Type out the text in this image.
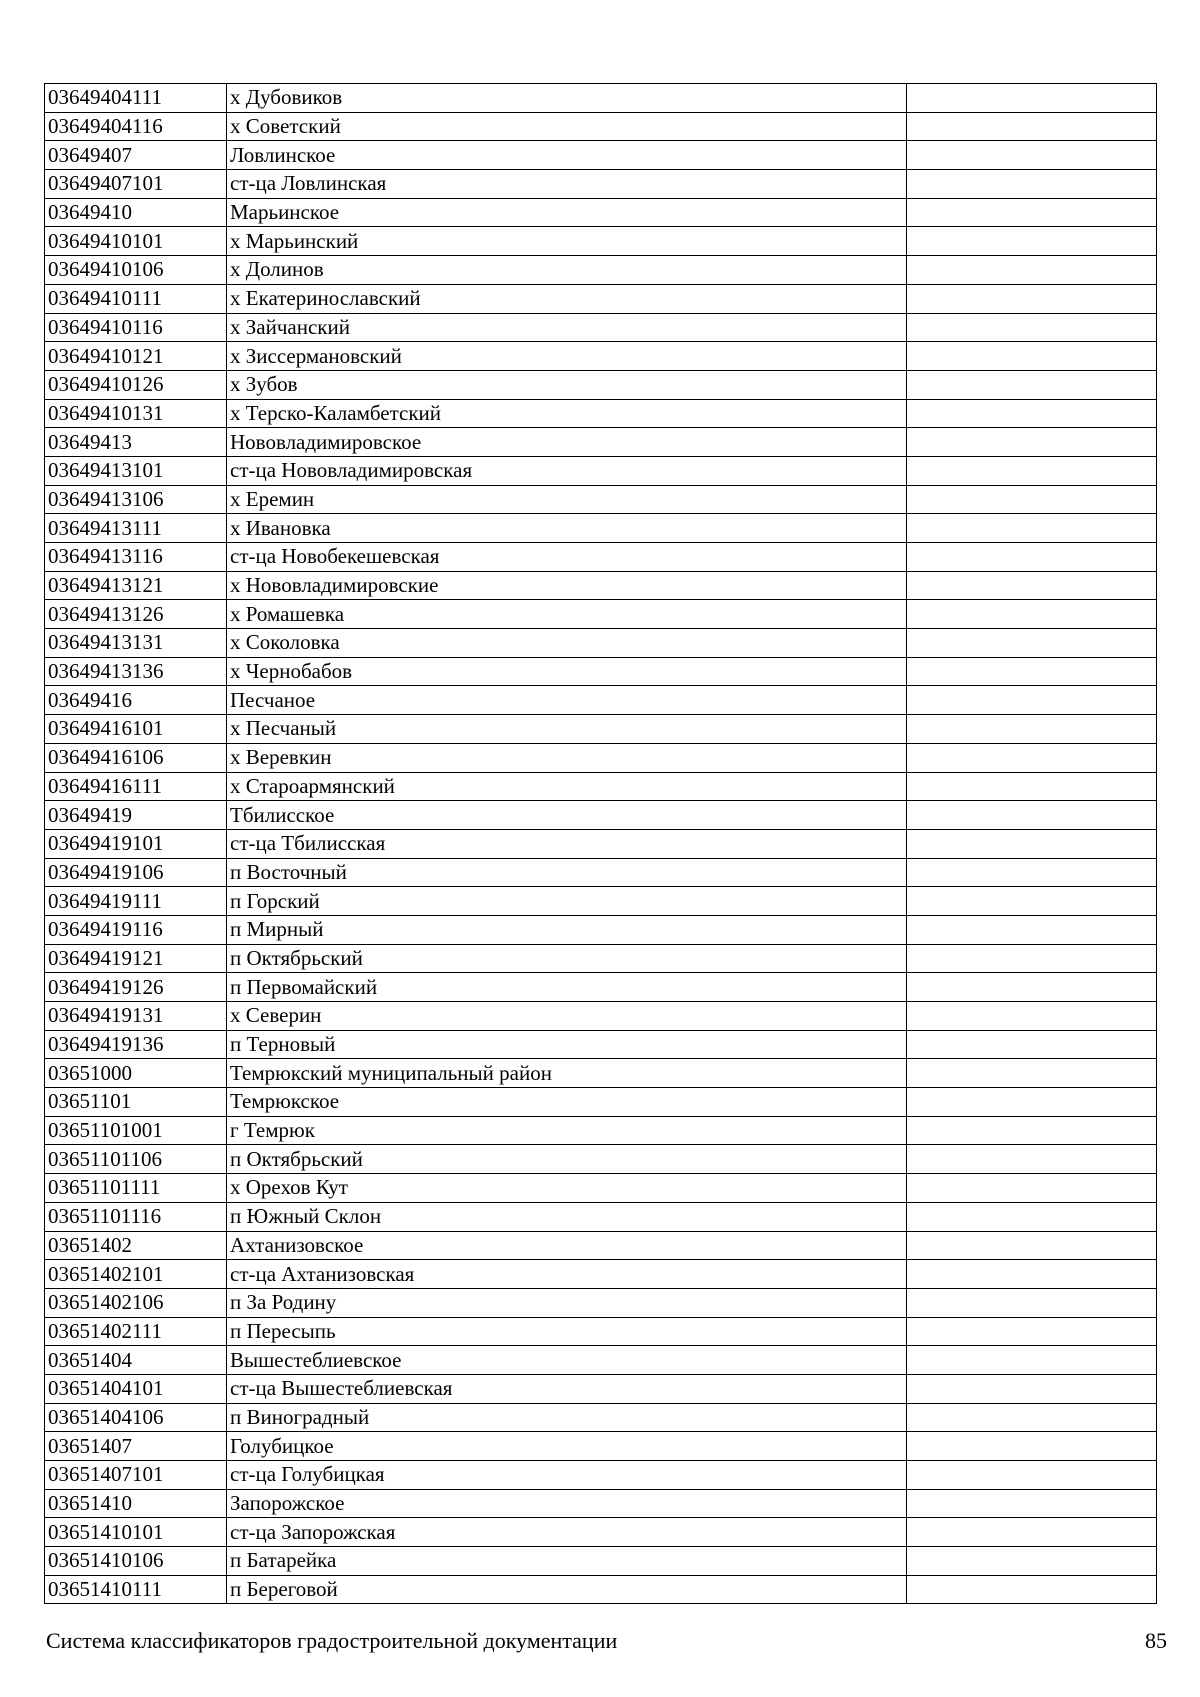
03649404111	х Дубовиков	
03649404116	х Советский	
03649407	Ловлинское	
03649407101	ст-ца Ловлинская	
03649410	Марьинское	
03649410101	х Марьинский	
03649410106	х Долинов	
03649410111	х Екатеринославский	
03649410116	х Зайчанский	
03649410121	х Зиссермановский	
03649410126	х Зубов	
03649410131	х Терско-Каламбетский	
03649413	Нововладимировское	
03649413101	ст-ца Нововладимировская	
03649413106	х Еремин	
03649413111	х Ивановка	
03649413116	ст-ца Новобекешевская	
03649413121	х Нововладимировские	
03649413126	х Ромашевка	
03649413131	х Соколовка	
03649413136	х Чернобабов	
03649416	Песчаное	
03649416101	х Песчаный	
03649416106	х Веревкин	
03649416111	х Староармянский	
03649419	Тбилисское	
03649419101	ст-ца Тбилисская	
03649419106	п Восточный	
03649419111	п Горский	
03649419116	п Мирный	
03649419121	п Октябрьский	
03649419126	п Первомайский	
03649419131	х Северин	
03649419136	п Терновый	
03651000	Темрюкский муниципальный район	
03651101	Темрюкское	
03651101001	г Темрюк	
03651101106	п Октябрьский	
03651101111	х Орехов Кут	
03651101116	п Южный Склон	
03651402	Ахтанизовское	
03651402101	ст-ца Ахтанизовская	
03651402106	п За Родину	
03651402111	п Пересыпь	
03651404	Вышестеблиевское	
03651404101	ст-ца Вышестеблиевская	
03651404106	п Виноградный	
03651407	Голубицкое	
03651407101	ст-ца Голубицкая	
03651410	Запорожское	
03651410101	ст-ца Запорожская	
03651410106	п Батарейка	
03651410111	п Береговой	
Система классификаторов градостроительной документации	85
